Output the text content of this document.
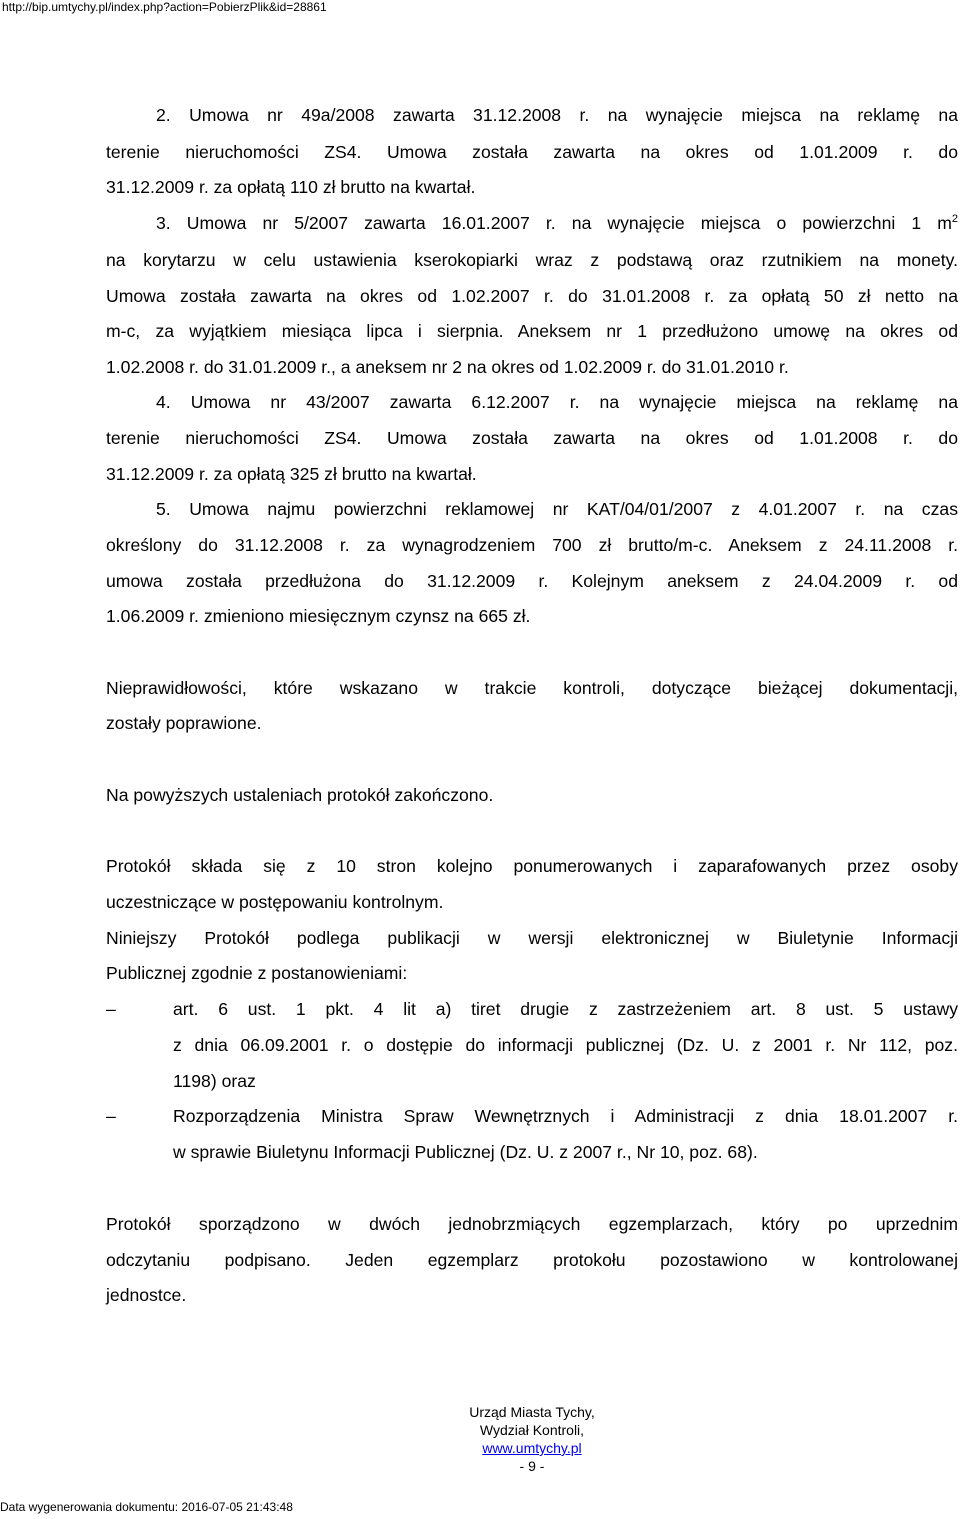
http://bip.umtychy.pl/index.php?action=PobierzPlik&id=28861
2. Umowa nr 49a/2008 zawarta 31.12.2008 r. na wynajęcie miejsca na reklamę na
terenie nieruchomości ZS4. Umowa została zawarta na okres od 1.01.2009 r. do
31.12.2009 r. za opłatą 110 zł brutto na kwartał.
3. Umowa nr 5/2007 zawarta 16.01.2007 r. na wynajęcie miejsca o powierzchni 1 $m^2$
na korytarzu w celu ustawienia kserokopiarki wraz z podstawą oraz rzutnikiem na monety.
Umowa została zawarta na okres od 1.02.2007 r. do 31.01.2008 r. za opłatą 50 zł netto na
m-c, za wyjątkiem miesiąca lipca i sierpnia. Aneksem nr 1 przedłużono umowę na okres od
1.02.2008 r. do 31.01.2009 r., a aneksem nr 2 na okres od 1.02.2009 r. do 31.01.2010 r.
4. Umowa nr 43/2007 zawarta 6.12.2007 r. na wynajęcie miejsca na reklamę na
terenie nieruchomości ZS4. Umowa została zawarta na okres od 1.01.2008 r. do
31.12.2009 r. za opłatą 325 zł brutto na kwartał.
5. Umowa najmu powierzchni reklamowej nr KAT/04/01/2007 z 4.01.2007 r. na czas
określony do 31.12.2008 r. za wynagrodzeniem 700 zł brutto/m-c. Aneksem z 24.11.2008 r.
umowa została przedłużona do 31.12.2009 r. Kolejnym aneksem z 24.04.2009 r. od
1.06.2009 r. zmieniono miesięcznym czynsz na 665 zł.
Nieprawidłowości, które wskazano w trakcie kontroli, dotyczące bieżącej dokumentacji,
zostały poprawione.
Na powyższych ustaleniach protokół zakończono.
Protokół składa się z 10 stron kolejno ponumerowanych i zaparafowanych przez osoby
uczestniczące w postępowaniu kontrolnym.
Niniejszy Protokół podlega publikacji w wersji elektronicznej w Biuletynie Informacji
Publicznej zgodnie z postanowieniami:
–	art. 6 ust. 1 pkt. 4 lit a) tiret drugie z zastrzeżeniem art. 8 ust. 5 ustawy
z dnia 06.09.2001 r. o dostępie do informacji publicznej (Dz. U. z 2001 r. Nr 112, poz.
1198) oraz
–	Rozporządzenia Ministra Spraw Wewnętrznych i Administracji z dnia 18.01.2007 r.
w sprawie Biuletynu Informacji Publicznej (Dz. U. z 2007 r., Nr 10, poz. 68).
Protokół sporządzono w dwóch jednobrzmiących egzemplarzach, który po uprzednim
odczytaniu podpisano. Jeden egzemplarz protokołu pozostawiono w kontrolowanej
jednostce.
Urząd Miasta Tychy,
Wydział Kontroli,
www.umtychy.pl
- 9 -
Data wygenerowania dokumentu: 2016-07-05 21:43:48
